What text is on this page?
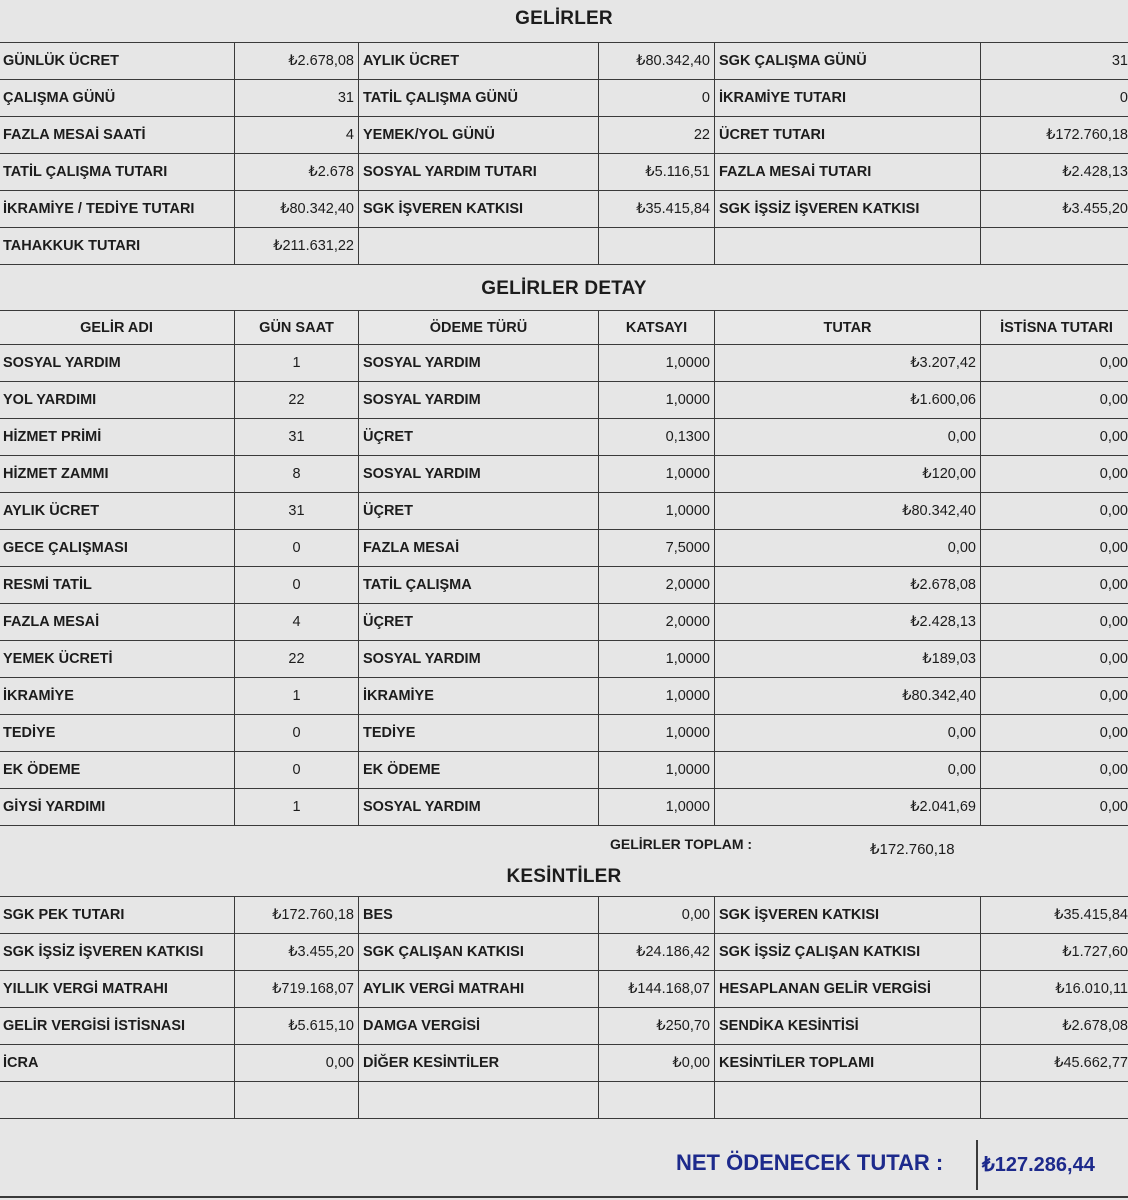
GELİRLER
GÜNLÜK ÜCRET	₺2.678,08	AYLIK ÜCRET	₺80.342,40	SGK ÇALIŞMA GÜNÜ	31
ÇALIŞMA GÜNÜ	31	TATİL ÇALIŞMA GÜNÜ	0	İKRAMİYE TUTARI	0
FAZLA MESAİ SAATİ	4	YEMEK/YOL GÜNÜ	22	ÜCRET TUTARI	₺172.760,18
TATİL ÇALIŞMA TUTARI	₺2.678	SOSYAL YARDIM TUTARI	₺5.116,51	FAZLA MESAİ TUTARI	₺2.428,13
İKRAMİYE / TEDİYE TUTARI	₺80.342,40	SGK İŞVEREN KATKISI	₺35.415,84	SGK İŞSİZ İŞVEREN KATKISI	₺3.455,20
TAHAKKUK TUTARI	₺211.631,22				
GELİRLER DETAY
GELİR ADI	GÜN SAAT	ÖDEME TÜRÜ	KATSAYI	TUTAR	İSTİSNA TUTARI
SOSYAL YARDIM	1	SOSYAL YARDIM	1,0000	₺3.207,42	0,00
YOL YARDIMI	22	SOSYAL YARDIM	1,0000	₺1.600,06	0,00
HİZMET PRİMİ	31	ÜÇRET	0,1300	0,00	0,00
HİZMET ZAMMI	8	SOSYAL YARDIM	1,0000	₺120,00	0,00
AYLIK ÜCRET	31	ÜÇRET	1,0000	₺80.342,40	0,00
GECE ÇALIŞMASI	0	FAZLA MESAİ	7,5000	0,00	0,00
RESMİ TATİL	0	TATİL ÇALIŞMA	2,0000	₺2.678,08	0,00
FAZLA MESAİ	4	ÜÇRET	2,0000	₺2.428,13	0,00
YEMEK ÜCRETİ	22	SOSYAL YARDIM	1,0000	₺189,03	0,00
İKRAMİYE	1	İKRAMİYE	1,0000	₺80.342,40	0,00
TEDİYE	0	TEDİYE	1,0000	0,00	0,00
EK ÖDEME	0	EK ÖDEME	1,0000	0,00	0,00
GİYSİ YARDIMI	1	SOSYAL YARDIM	1,0000	₺2.041,69	0,00
GELİRLER TOPLAM :	₺172.760,18
KESİNTİLER
SGK PEK TUTARI	₺172.760,18	BES	0,00	SGK İŞVEREN KATKISI	₺35.415,84
SGK İŞSİZ İŞVEREN KATKISI	₺3.455,20	SGK ÇALIŞAN KATKISI	₺24.186,42	SGK İŞSİZ ÇALIŞAN KATKISI	₺1.727,60
YILLIK VERGİ MATRAHI	₺719.168,07	AYLIK VERGİ MATRAHI	₺144.168,07	HESAPLANAN GELİR VERGİSİ	₺16.010,11
GELİR VERGİSİ İSTİSNASI	₺5.615,10	DAMGA VERGİSİ	₺250,70	SENDİKA KESİNTİSİ	₺2.678,08
İCRA	0,00	DİĞER KESİNTİLER	₺0,00	KESİNTİLER TOPLAMI	₺45.662,77

NET ÖDENECEK TUTAR : ₺127.286,44
